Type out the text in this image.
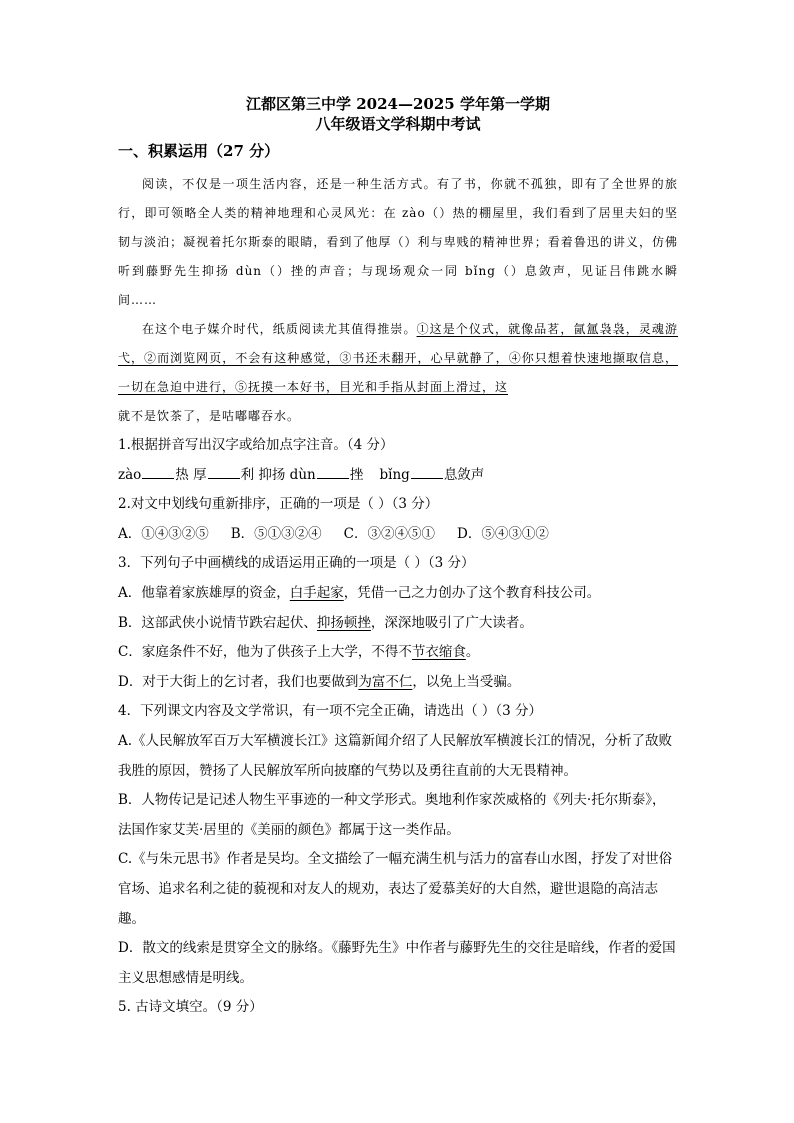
江都区第三中学 2024—2025 学年第一学期
八年级语文学科期中考试
一、积累运用（27 分）

阅读，不仅是一项生活内容，还是一种生活方式。有了书，你就不孤独，即有了全世界的旅行，即可领略全人类的精神地理和心灵风光：在 zào（）热的棚屋里，我们看到了居里夫妇的坚韧与淡泊；凝视着托尔斯泰的眼睛，看到了他厚（）利与卑贱的精神世界；看着鲁迅的讲义，仿佛听到藤野先生抑扬 dùn（）挫的声音；与现场观众一同 bǐng（）息敛声，见证吕伟跳水瞬间……

在这个电子媒介时代，纸质阅读尤其值得推崇。①这是个仪式，就像品茗，氤氲袅袅，灵魂游弋，②而浏览网页，不会有这种感觉，③书还未翻开，心早就静了，④你只想着快速地撷取信息，一切在急迫中进行，⑤抚摸一本好书，目光和手指从封面上滑过，这

就不是饮茶了，是咕嘟嘟吞水。

1.根据拼音写出汉字或给加点字注音。（4 分）

zào	热 厚	利 抑扬 dùn	挫 bǐng	息敛声

2.对文中划线句重新排序，正确的一项是（ ）（3 分）

A．①④③②⑤ B．⑤①③②④ C．③②④⑤① D．⑤④③①②

3．下列句子中画横线的成语运用正确的一项是（ ）（3 分）

A．他靠着家族雄厚的资金，白手起家，凭借一己之力创办了这个教育科技公司。

B．这部武侠小说情节跌宕起伏、抑扬顿挫，深深地吸引了广大读者。

C．家庭条件不好，他为了供孩子上大学，不得不节衣缩食。

D．对于大街上的乞讨者，我们也要做到为富不仁，以免上当受骗。

4．下列课文内容及文学常识，有一项不完全正确，请选出（ ）（3 分）

A.《人民解放军百万大军横渡长江》这篇新闻介绍了人民解放军横渡长江的情况，分析了敌败我胜的原因，赞扬了人民解放军所向披靡的气势以及勇往直前的大无畏精神。

B．人物传记是记述人物生平事迹的一种文学形式。奥地利作家茨威格的《列夫·托尔斯泰》，法国作家艾芙·居里的《美丽的颜色》都属于这一类作品。

C.《与朱元思书》作者是吴均。全文描绘了一幅充满生机与活力的富春山水图，抒发了对世俗官场、追求名利之徒的藐视和对友人的规劝，表达了爱慕美好的大自然，避世退隐的高洁志趣。

D．散文的线索是贯穿全文的脉络。《藤野先生》中作者与藤野先生的交往是暗线，作者的爱国主义思想感情是明线。

5. 古诗文填空。（9 分）
